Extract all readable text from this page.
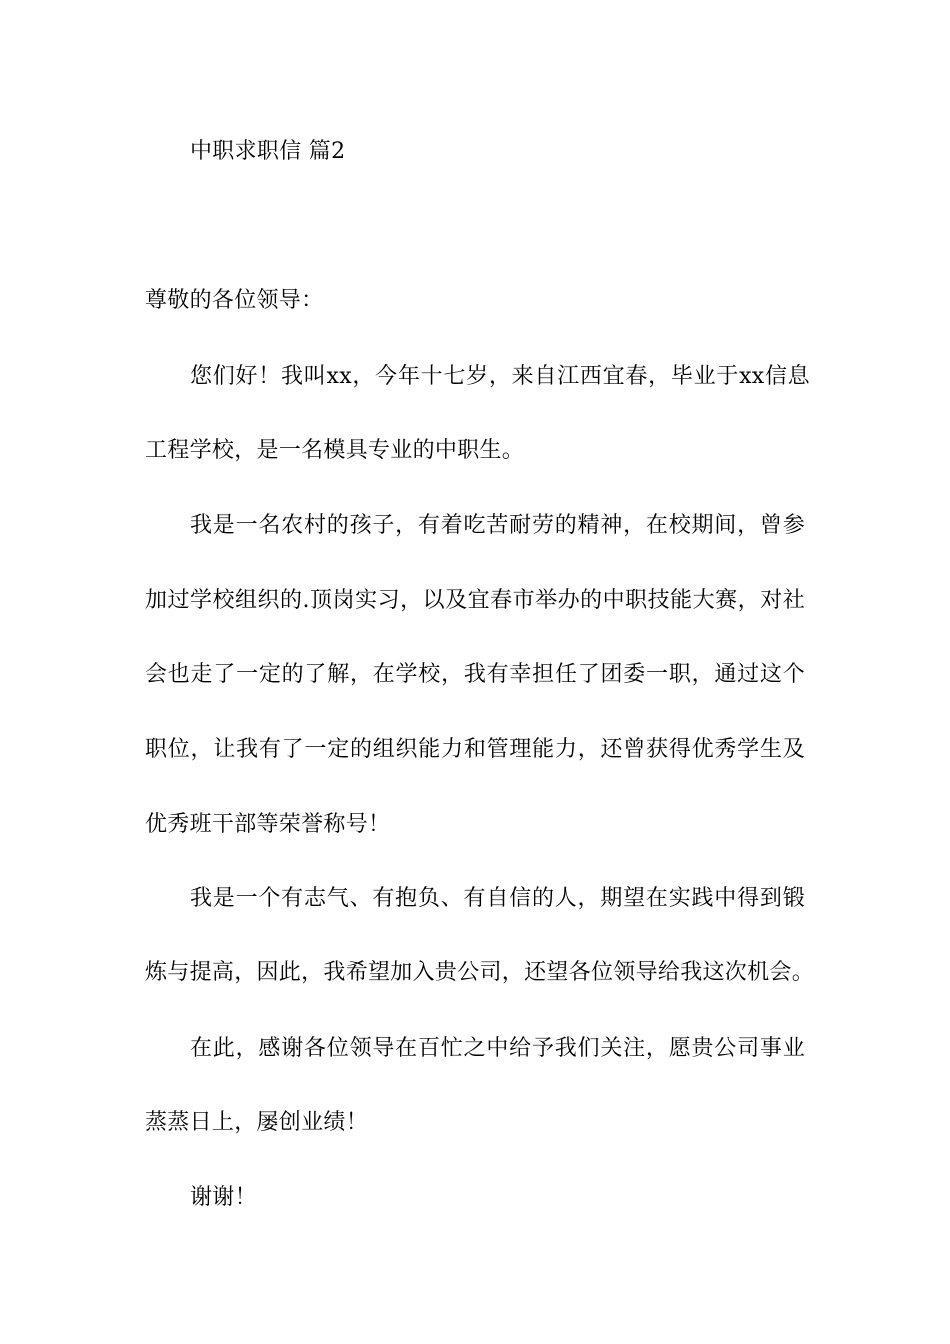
中职求职信 篇2
尊敬的各位领导：
您们好！我叫xx，今年十七岁，来自江西宜春，毕业于xx信息
工程学校，是一名模具专业的中职生。
我是一名农村的孩子，有着吃苦耐劳的精神，在校期间，曾参
加过学校组织的.顶岗实习，以及宜春市举办的中职技能大赛，对社
会也走了一定的了解，在学校，我有幸担任了团委一职，通过这个
职位，让我有了一定的组织能力和管理能力，还曾获得优秀学生及
优秀班干部等荣誉称号！
我是一个有志气、有抱负、有自信的人，期望在实践中得到锻
炼与提高，因此，我希望加入贵公司，还望各位领导给我这次机会。
在此，感谢各位领导在百忙之中给予我们关注，愿贵公司事业
蒸蒸日上，屡创业绩！
谢谢！
